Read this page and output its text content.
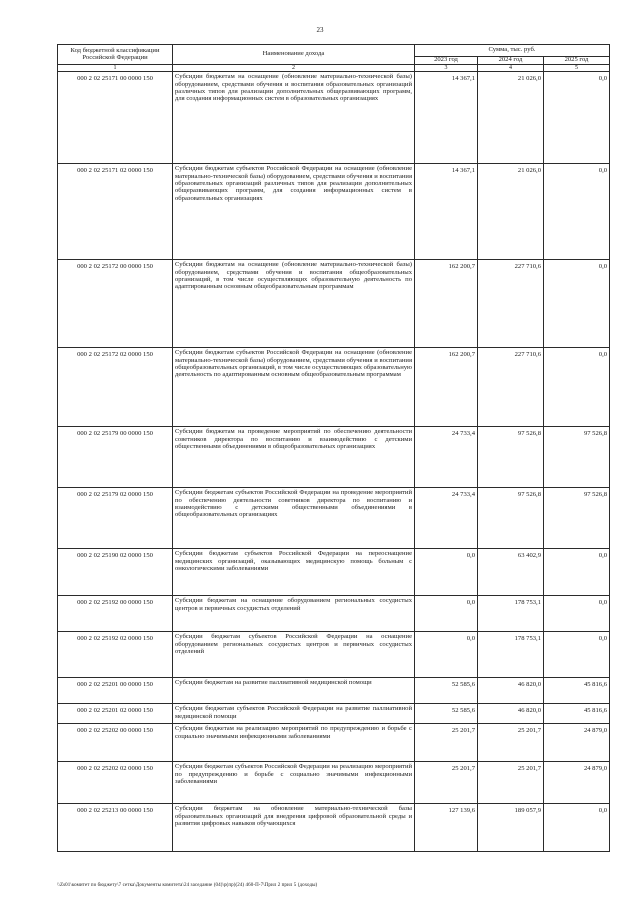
23
Код бюджетной классификации Российской Федерации	Наименование дохода	Сумма, тыс. руб.		
		2023 год	2024 год	2025 год
1	2	3	4	5
000 2 02 25171 00 0000 150	Субсидии бюджетам на оснащение (обновление материально-технической базы) оборудованием, средствами обучения и воспитания образовательных организаций различных типов для реализации дополнительных общеразвивающих программ, для создания информационных систем в образовательных организациях	14 367,1	21 026,0	0,0
000 2 02 25171 02 0000 150	Субсидии бюджетам субъектов Российской Федерации на оснащение (обновление материально-технической базы) оборудованием, средствами обучения и воспитания образовательных организаций различных типов для реализации дополнительных общеразвивающих программ, для создания информационных систем в образовательных организациях	14 367,1	21 026,0	0,0
000 2 02 25172 00 0000 150	Субсидии бюджетам на оснащение (обновление материально-технической базы) оборудованием, средствами обучения и воспитания общеобразовательных организаций, в том числе осуществляющих образовательную деятельность по адаптированным основным общеобразовательным программам	162 200,7	227 710,6	0,0
000 2 02 25172 02 0000 150	Субсидии бюджетам субъектов Российской Федерации на оснащение (обновление материально-технической базы) оборудованием, средствами обучения и воспитания общеобразовательных организаций, в том числе осуществляющих образовательную деятельность по адаптированным основным общеобразовательным программам	162 200,7	227 710,6	0,0
000 2 02 25179 00 0000 150	Субсидии бюджетам на проведение мероприятий по обеспечению деятельности советников директора по воспитанию и взаимодействию с детскими общественными объединениями в общеобразовательных организациях	24 733,4	97 526,8	97 526,8
000 2 02 25179 02 0000 150	Субсидии бюджетам субъектов Российской Федерации на проведение мероприятий по обеспечению деятельности советников директора по воспитанию и взаимодействию с детскими общественными объединениями в общеобразовательных организациях	24 733,4	97 526,8	97 526,8
000 2 02 25190 02 0000 150	Субсидии бюджетам субъектов Российской Федерации на переоснащение медицинских организаций, оказывающих медицинскую помощь больным с онкологическими заболеваниями	0,0	63 402,9	0,0
000 2 02 25192 00 0000 150	Субсидии бюджетам на оснащение оборудованием региональных сосудистых центров и первичных сосудистых отделений	0,0	178 753,1	0,0
000 2 02 25192 02 0000 150	Субсидии бюджетам субъектов Российской Федерации на оснащение оборудованием региональных сосудистых центров и первичных сосудистых отделений	0,0	178 753,1	0,0
000 2 02 25201 00 0000 150	Субсидии бюджетам на развитие паллиативной медицинской помощи	52 585,6	46 820,0	45 816,6
000 2 02 25201 02 0000 150	Субсидии бюджетам субъектов Российской Федерации на развитие паллиативной медицинской помощи	52 585,6	46 820,0	45 816,6
000 2 02 25202 00 0000 150	Субсидии бюджетам на реализацию мероприятий по предупреждению и борьбе с социально значимыми инфекционными заболеваниями	25 201,7	25 201,7	24 879,0
000 2 02 25202 02 0000 150	Субсидии бюджетам субъектов Российской Федерации на реализацию мероприятий по предупреждению и борьбе с социально значимыми инфекционными заболеваниями	25 201,7	25 201,7	24 879,0
000 2 02 25213 00 0000 150	Субсидии бюджетам на обновление материально-технической базы образовательных организаций для внедрения цифровой образовательной среды и развития цифровых навыков обучающихся	127 139,6	189 057,9	0,0
\\Zs01\комитет по бюджету\7 сетка\Документы комитета\24 заседание (04)\р(пр)(24) 460-П-7\Прил 2 прил 5 (доходы)
